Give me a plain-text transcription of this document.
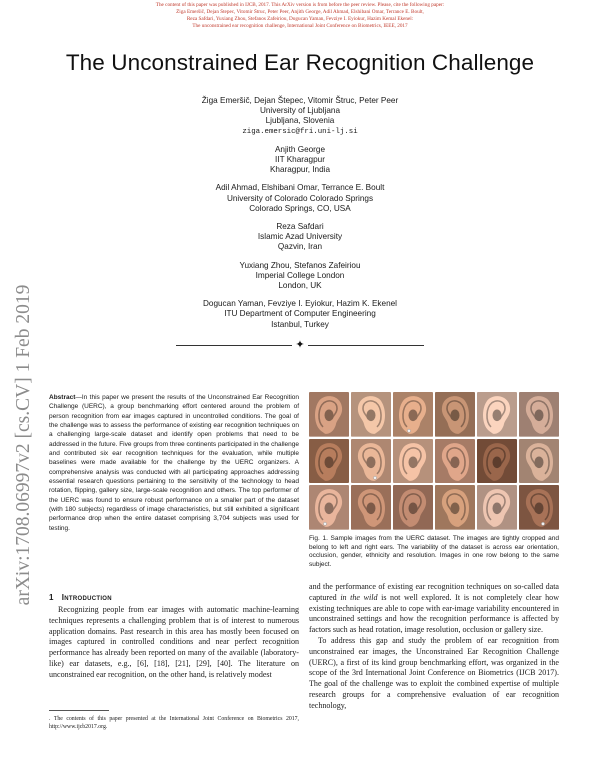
The content of this paper was published in IJCB, 2017. This ArXiv version is from before the peer review. Please, cite the following paper:
Žiga Emeršič, Dejan Štepec, Vitomir Štruc, Peter Peer, Anjith George, Adil Ahmad, Elshibani Omar, Terrance E. Boult,
Reza Safdari, Yuxiang Zhou, Stefanos Zafeiriou, Dogucan Yaman, Fevziye I. Eyiokur, Hazim Kemal Ekenel:
The unconstrained ear recognition challenge, International Joint Conference on Biometrics, IEEE, 2017
The Unconstrained Ear Recognition Challenge
Žiga Emeršič, Dejan Štepec, Vitomir Štruc, Peter Peer
University of Ljubljana
Ljubljana, Slovenia
ziga.emersic@fri.uni-lj.si
Anjith George
IIT Kharagpur
Kharagpur, India
Adil Ahmad, Elshibani Omar, Terrance E. Boult
University of Colorado Colorado Springs
Colorado Springs, CO, USA
Reza Safdari
Islamic Azad University
Qazvin, Iran
Yuxiang Zhou, Stefanos Zafeiriou
Imperial College London
London, UK
Dogucan Yaman, Fevziye I. Eyiokur, Hazim K. Ekenel
ITU Department of Computer Engineering
Istanbul, Turkey
✦
arXiv:1708.06997v2 [cs.CV] 1 Feb 2019 Abstract—In this paper we present the results of the Unconstrained Ear Recognition Challenge (UERC), a group benchmarking effort centered around the problem of person recognition from ear images captured in uncontrolled conditions. The goal of the challenge was to assess the performance of existing ear recognition techniques on a challenging large-scale dataset and identify open problems that need to be addressed in the future. Five groups from three continents participated in the challenge and contributed six ear recognition techniques for the evaluation, while multiple baselines were made available for the challenge by the UERC organizers. A comprehensive analysis was conducted with all participating approaches addressing essential research questions pertaining to the sensitivity of the technology to head rotation, flipping, gallery size, large-scale recognition and others. The top performer of the UERC was found to ensure robust performance on a smaller part of the dataset (with 180 subjects) regardless of image characteristics, but still exhibited a significant performance drop when the entire dataset comprising 3,704 subjects was used for testing.
Fig. 1. Sample images from the UERC dataset. The images are tightly cropped and belong to left and right ears. The variability of the dataset is across ear orientation, occlusion, gender, ethnicity and resolution. Images in one row belong to the same subject.
1 Introduction

Recognizing people from ear images with automatic machine-learning techniques represents a challenging problem that is of interest to numerous application domains. Past research in this area has mostly been focused on images captured in controlled conditions and near perfect recognition performance has already been reported on many of the available (laboratory-like) ear datasets, e.g., [6], [18], [21], [29], [40]. The literature on unconstrained ear recognition, on the other hand, is relatively modest

. The contents of this paper presented at the International Joint Conference on Biometrics 2017, http://www.ijcb2017.org.

and the performance of existing ear recognition techniques on so-called data captured in the wild is not well explored. It is not completely clear how existing techniques are able to cope with ear-image variability encountered in unconstrained settings and how the recognition performance is affected by factors such as head rotation, image resolution, occlusion or gallery size.

To address this gap and study the problem of ear recognition from unconstrained ear images, the Unconstrained Ear Recognition Challenge (UERC), a first of its kind group benchmarking effort, was organized in the scope of the 3rd International Joint Conference on Biometrics (IJCB 2017). The goal of the challenge was to exploit the combined expertise of multiple research groups for a comprehensive evaluation of ear recognition technology,
